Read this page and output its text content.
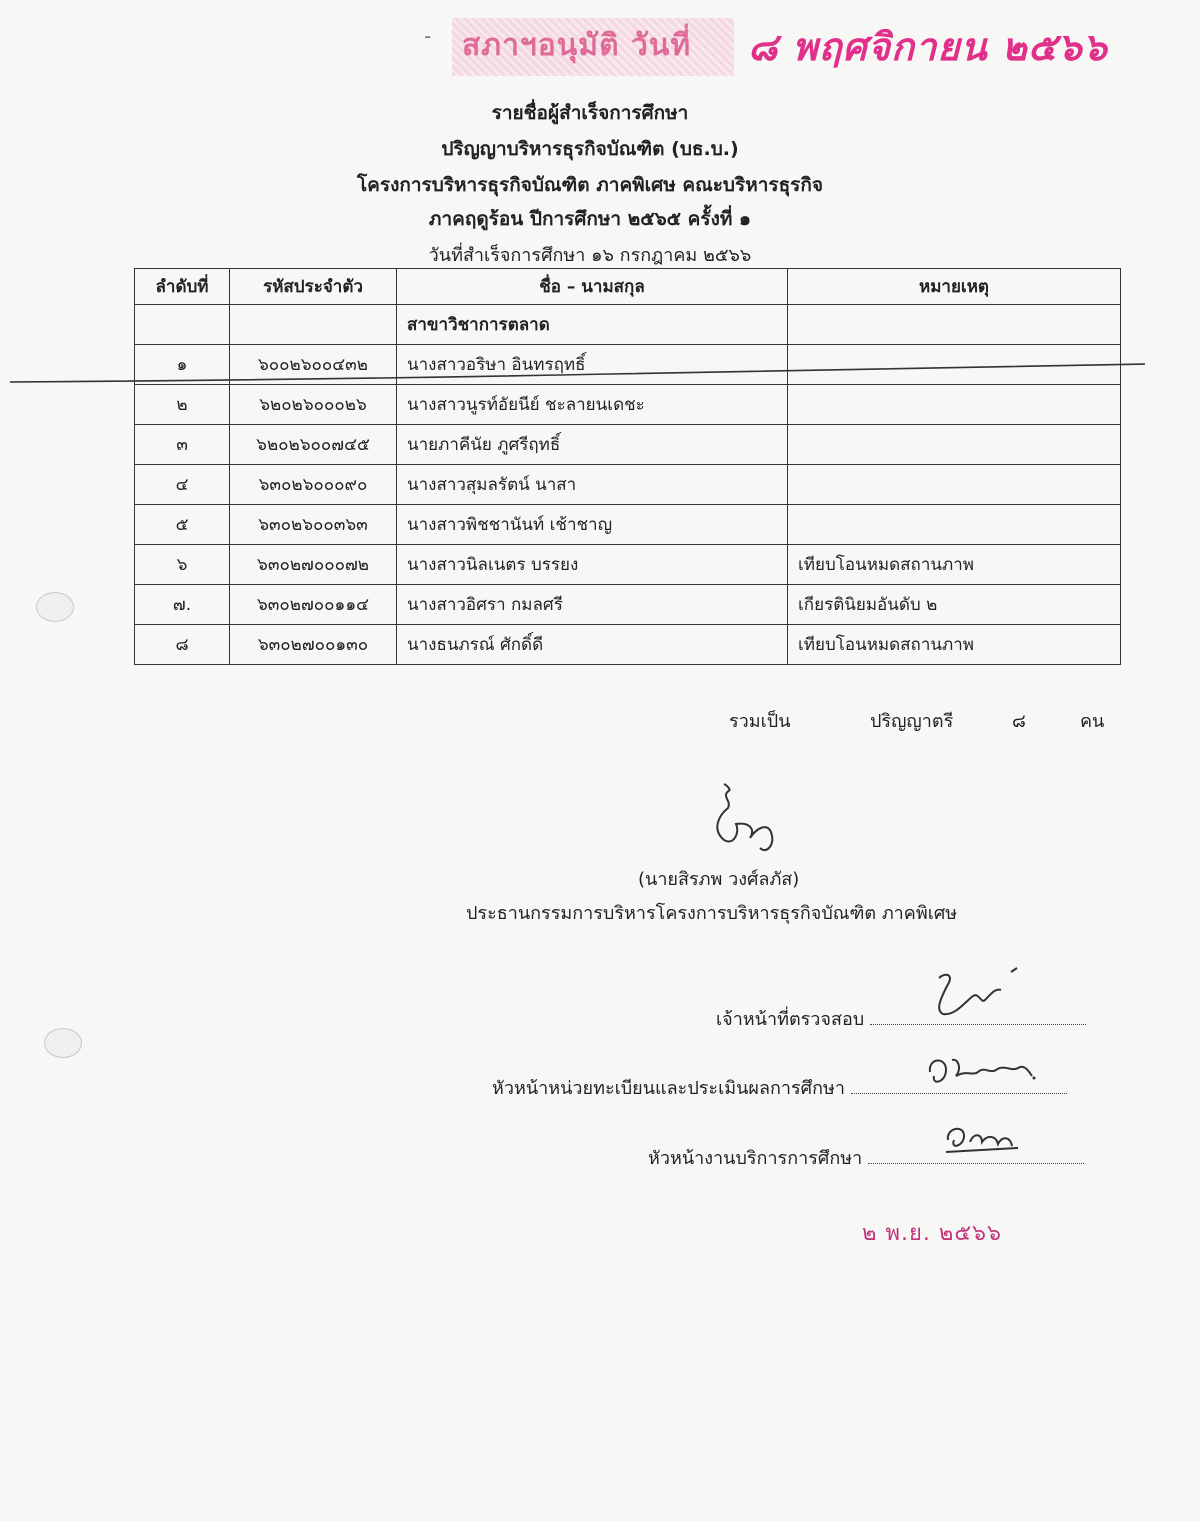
- สภาฯอนุมัติ วันที่ ๘ พฤศจิกายน ๒๕๖๖
รายชื่อผู้สำเร็จการศึกษา
ปริญญาบริหารธุรกิจบัณฑิต (บธ.บ.)
โครงการบริหารธุรกิจบัณฑิต ภาคพิเศษ คณะบริหารธุรกิจ
ภาคฤดูร้อน ปีการศึกษา ๒๕๖๕ ครั้งที่ ๑
วันที่สำเร็จการศึกษา ๑๖ กรกฎาคม ๒๕๖๖
ลำดับที่	รหัสประจำตัว	ชื่อ – นามสกุล	หมายเหตุ
		สาขาวิชาการตลาด	
๑	๖๐๐๒๖๐๐๔๓๒	นางสาวอริษา อินทรฤทธิ์	
๒	๖๒๐๒๖๐๐๐๒๖	นางสาวนูรท์อัยนีย์ ชะลายนเดชะ	
๓	๖๒๐๒๖๐๐๗๔๕	นายภาคีนัย ภูศรีฤทธิ์	
๔	๖๓๐๒๖๐๐๐๙๐	นางสาวสุมลรัตน์ นาสา	
๕	๖๓๐๒๖๐๐๓๖๓	นางสาวพิชชานันท์ เช้าชาญ	
๖	๖๓๐๒๗๐๐๐๗๒	นางสาวนิลเนตร บรรยง	เทียบโอนหมดสถานภาพ
๗.	๖๓๐๒๗๐๐๑๑๔	นางสาวอิศรา กมลศรี	เกียรตินิยมอันดับ ๒
๘	๖๓๐๒๗๐๐๑๓๐	นางธนภรณ์ ศักดิ์ดี	เทียบโอนหมดสถานภาพ
รวมเป็น	ปริญญาตรี	๘	คน
(นายสิรภพ วงศ์ลภัส)
ประธานกรรมการบริหารโครงการบริหารธุรกิจบัณฑิต ภาคพิเศษ
เจ้าหน้าที่ตรวจสอบ
หัวหน้าหน่วยทะเบียนและประเมินผลการศึกษา
หัวหน้างานบริการการศึกษา
๒ พ.ย. ๒๕๖๖
